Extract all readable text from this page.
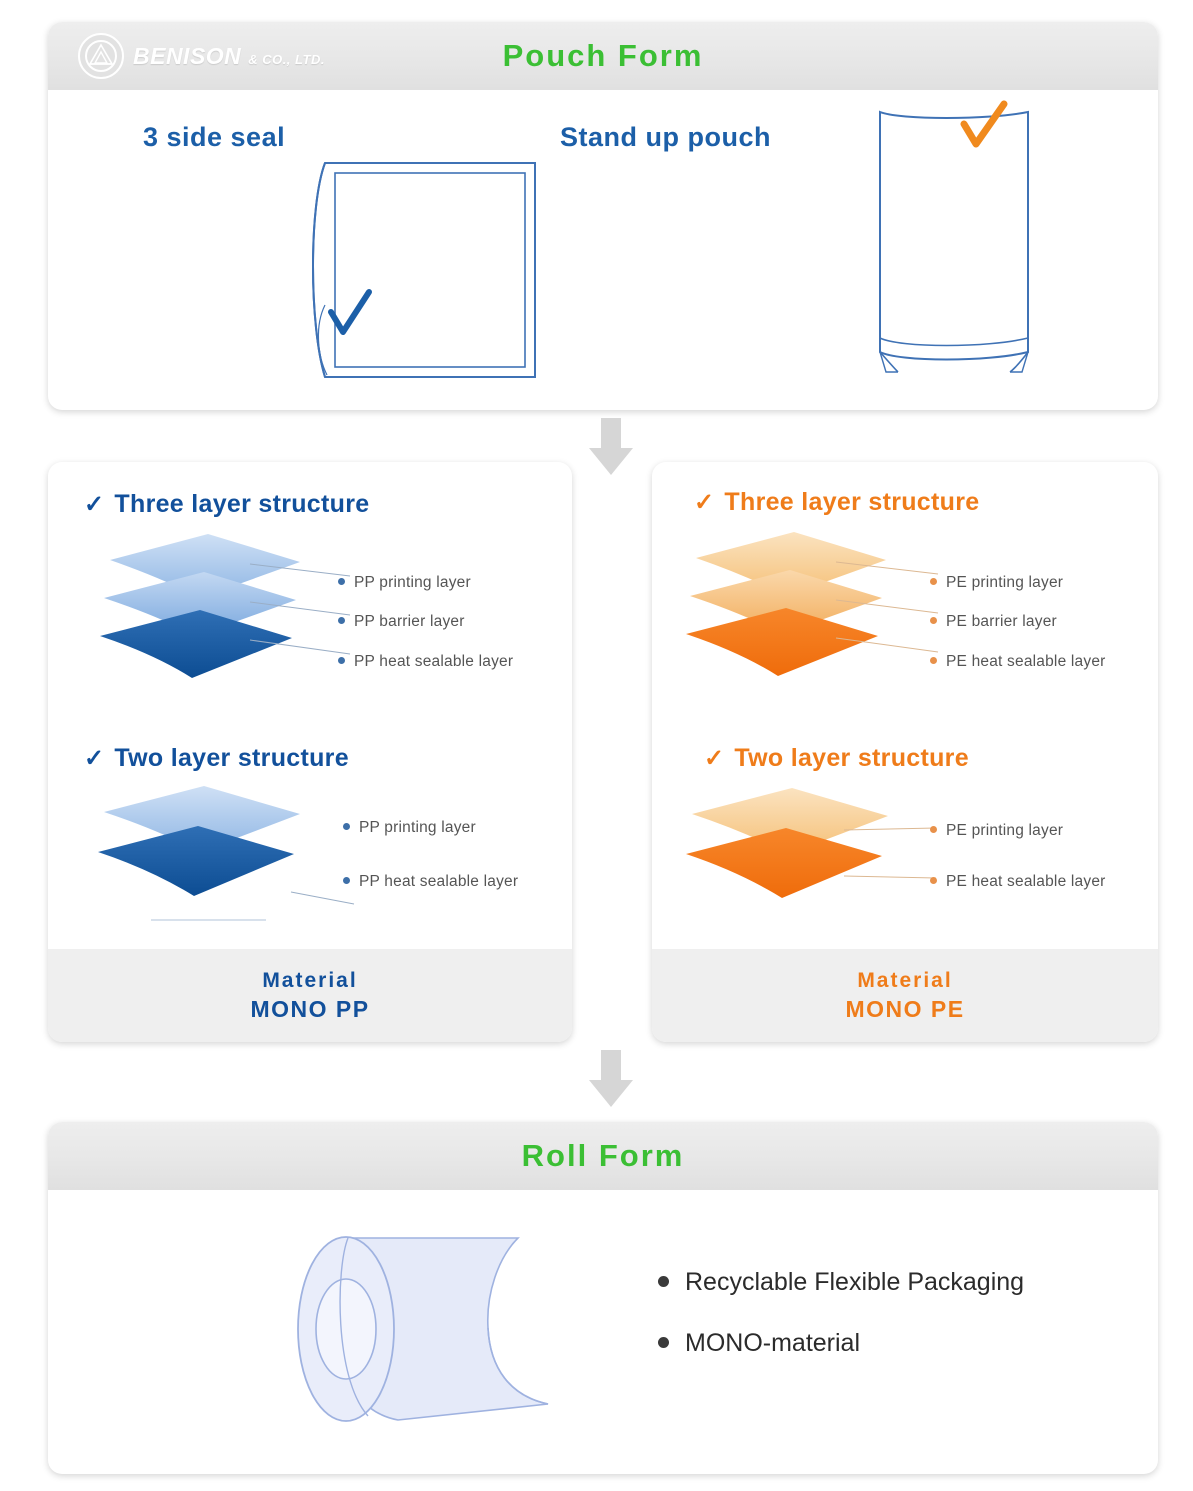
BENISON & CO., LTD.	Pouch Form
3 side seal	Stand up pouch
✓ Three layer structure
PP printing layer
PP barrier layer
PP heat sealable layer
✓ Two layer structure
PP printing layer
PP heat sealable layer
Material
MONO PP
✓ Three layer structure
PE printing layer
PE barrier layer
PE heat sealable layer
✓ Two layer structure
PE printing layer
PE heat sealable layer
Material
MONO PE
Roll Form
Recyclable Flexible Packaging
MONO-material
